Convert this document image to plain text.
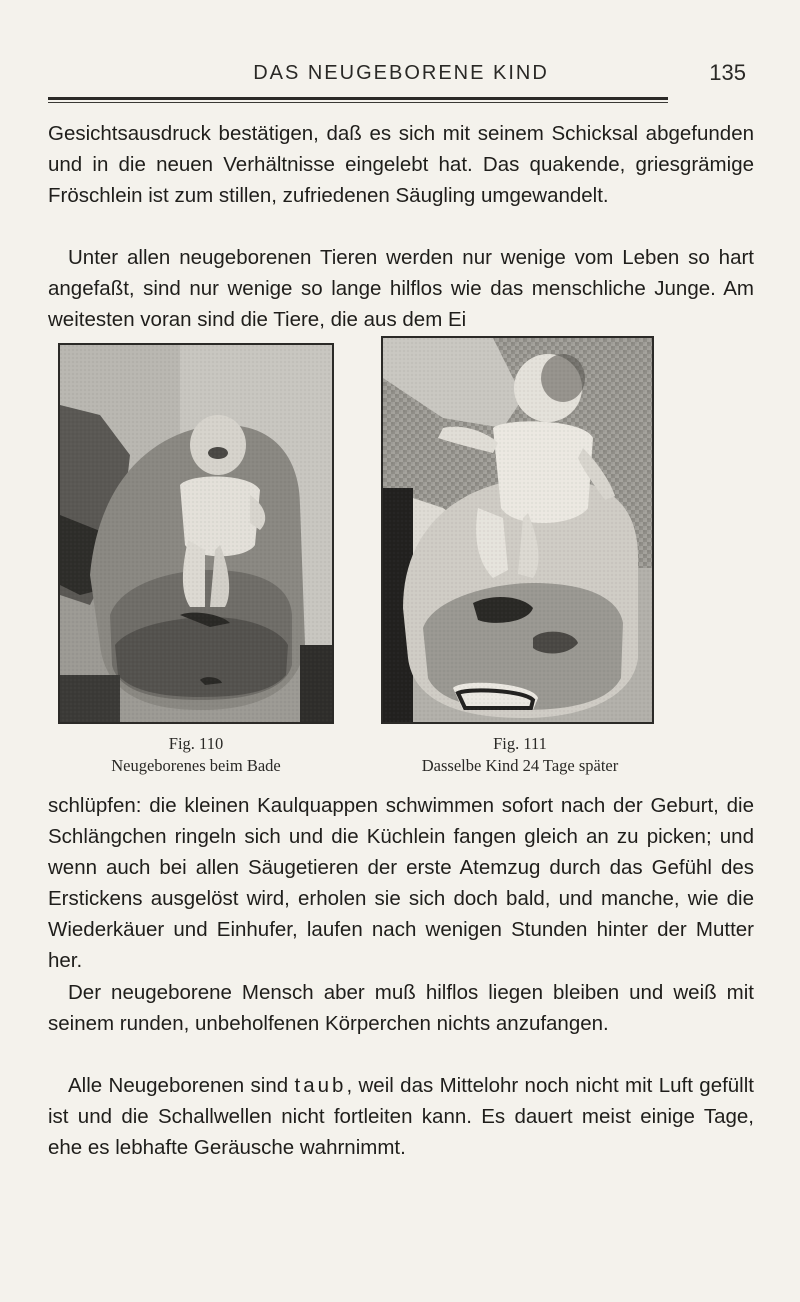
DAS NEUGEBORENE KIND	135

Gesichtsausdruck bestätigen, daß es sich mit seinem Schicksal abgefunden und in die neuen Verhältnisse eingelebt hat. Das quakende, griesgrämige Fröschlein ist zum stillen, zufriedenen Säugling umgewandelt.

Unter allen neugeborenen Tieren werden nur wenige vom Leben so hart angefaßt, sind nur wenige so lange hilflos wie das menschliche Junge. Am weitesten voran sind die Tiere, die aus dem Ei

Fig. 110
Neugeborenes beim Bade
Fig. 111
Dasselbe Kind 24 Tage später

schlüpfen: die kleinen Kaulquappen schwimmen sofort nach der Geburt, die Schlängchen ringeln sich und die Küchlein fangen gleich an zu picken; und wenn auch bei allen Säugetieren der erste Atemzug durch das Gefühl des Erstickens ausgelöst wird, erholen sie sich doch bald, und manche, wie die Wiederkäuer und Einhufer, laufen nach wenigen Stunden hinter der Mutter her.

Der neugeborene Mensch aber muß hilflos liegen bleiben und weiß mit seinem runden, unbeholfenen Körperchen nichts anzufangen.

Alle Neugeborenen sind taub, weil das Mittelohr noch nicht mit Luft gefüllt ist und die Schallwellen nicht fortleiten kann. Es dauert meist einige Tage, ehe es lebhafte Geräusche wahrnimmt.
